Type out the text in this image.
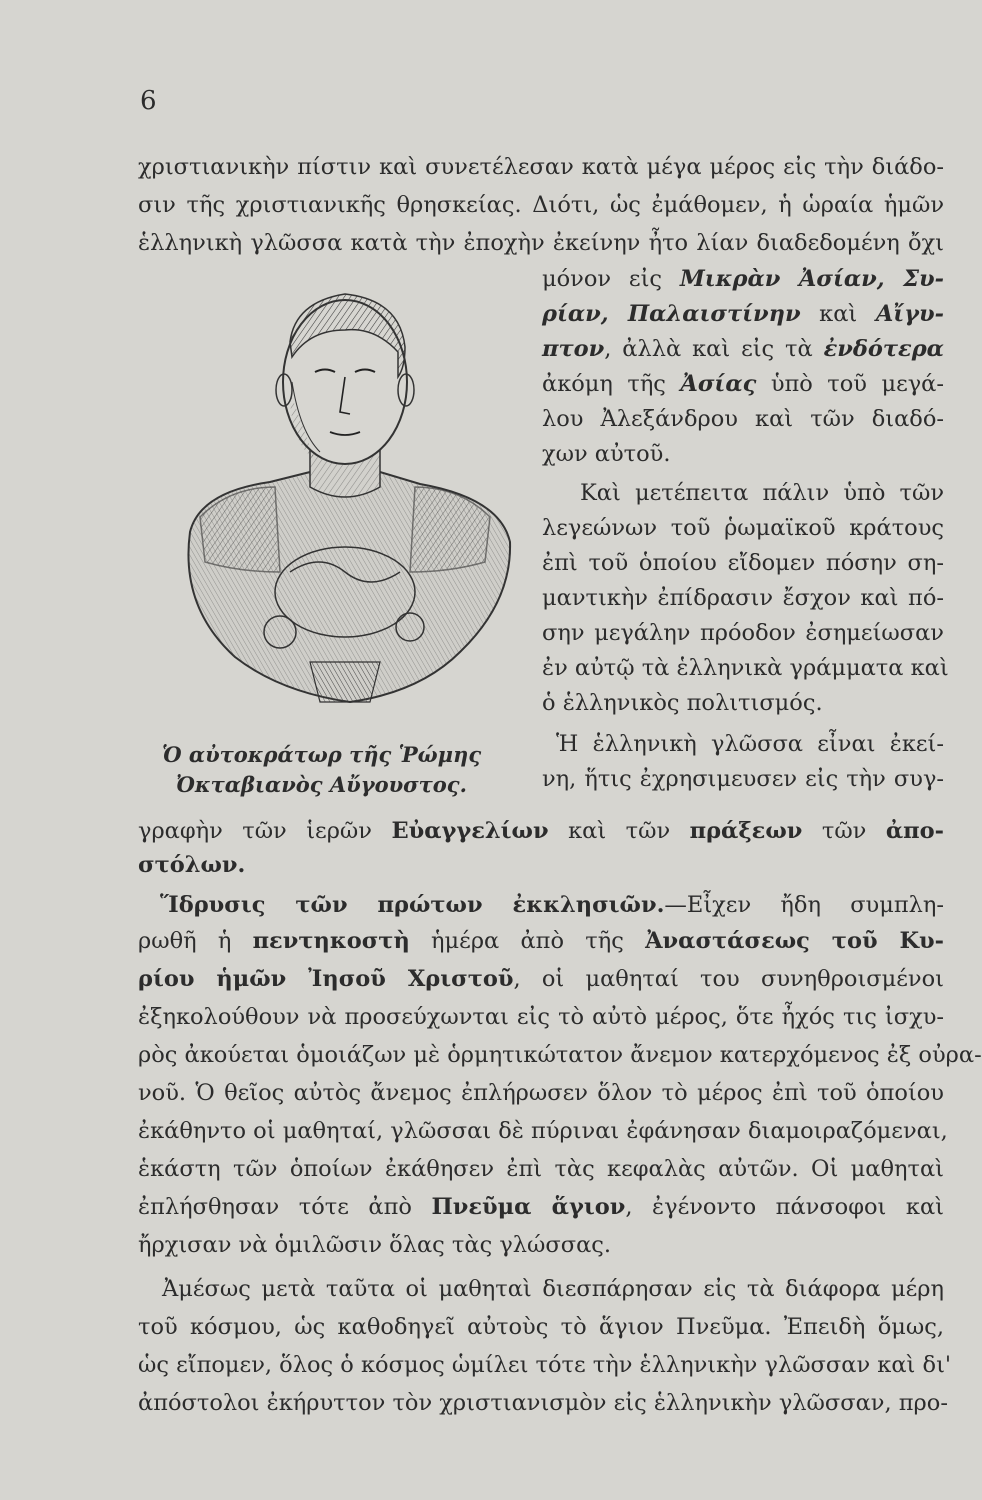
6
χριστιανικὴν πίστιν καὶ συνετέλεσαν κατὰ μέγα μέρος εἰς τὴν διάδο-
σιν τῆς χριστιανικῆς θρησκείας. Διότι, ὡς ἐμάθομεν, ἡ ὡραία ἡμῶν
ἑλληνικὴ γλῶσσα κατὰ τὴν ἐποχὴν ἐκείνην ἦτο λίαν διαδεδομένη ὄχι
μόνον εἰς Μικρὰν Ἀσίαν, Συ-
ρίαν, Παλαιστίνην καὶ Αἴγυ-
πτον, ἀλλὰ καὶ εἰς τὰ ἐνδότερα
ἀκόμη τῆς Ἀσίας ὑπὸ τοῦ μεγά-
λου Ἀλεξάνδρου καὶ τῶν διαδό-
χων αὐτοῦ.
Καὶ μετέπειτα πάλιν ὑπὸ τῶν
λεγεώνων τοῦ ῥωμαϊκοῦ κράτους
ἐπὶ τοῦ ὁποίου εἴδομεν πόσην ση-
μαντικὴν ἐπίδρασιν ἔσχον καὶ πό-
σην μεγάλην πρόοδον ἐσημείωσαν
ἐν αὐτῷ τὰ ἑλληνικὰ γράμματα καὶ
ὁ ἑλληνικὸς πολιτισμός.
Ἡ ἑλληνικὴ γλῶσσα εἶναι ἐκεί-
νη, ἥτις ἐχρησιμευσεν εἰς τὴν συγ-
Ὁ αὐτοκράτωρ τῆς Ῥώμης
Ὀκταβιανὸς Αὔγουστος.
γραφὴν τῶν ἱερῶν Εὐαγγελίων καὶ τῶν πράξεων τῶν ἀπο-
στόλων.
Ἵδρυσις τῶν πρώτων ἐκκλησιῶν.—Εἶχεν ἤδη συμπλη-
ρωθῆ ἡ πεντηκοστὴ ἡμέρα ἀπὸ τῆς Ἀναστάσεως τοῦ Κυ-
ρίου ἡμῶν Ἰησοῦ Χριστοῦ, οἱ μαθηταί του συνηθροισμένοι
ἐξηκολούθουν νὰ προσεύχωνται εἰς τὸ αὐτὸ μέρος, ὅτε ἦχός τις ἰσχυ-
ρὸς ἀκούεται ὁμοιάζων μὲ ὁρμητικώτατον ἄνεμον κατερχόμενος ἐξ οὐρα-
νοῦ. Ὁ θεῖος αὐτὸς ἄνεμος ἐπλήρωσεν ὅλον τὸ μέρος ἐπὶ τοῦ ὁποίου
ἐκάθηντο οἱ μαθηταί, γλῶσσαι δὲ πύριναι ἐφάνησαν διαμοιραζόμεναι,
ἑκάστη τῶν ὁποίων ἐκάθησεν ἐπὶ τὰς κεφαλὰς αὐτῶν. Οἱ μαθηταὶ
ἐπλήσθησαν τότε ἀπὸ Πνεῦμα ἅγιον, ἐγένοντο πάνσοφοι καὶ
ἤρχισαν νὰ ὁμιλῶσιν ὅλας τὰς γλώσσας.
Ἀμέσως μετὰ ταῦτα οἱ μαθηταὶ διεσπάρησαν εἰς τὰ διάφορα μέρη
τοῦ κόσμου, ὡς καθοδηγεῖ αὐτοὺς τὸ ἅγιον Πνεῦμα. Ἐπειδὴ ὅμως,
ὡς εἴπομεν, ὅλος ὁ κόσμος ὡμίλει τότε τὴν ἑλληνικὴν γλῶσσαν καὶ δι'
ἀπόστολοι ἐκήρυττον τὸν χριστιανισμὸν εἰς ἑλληνικὴν γλῶσσαν, προ-
